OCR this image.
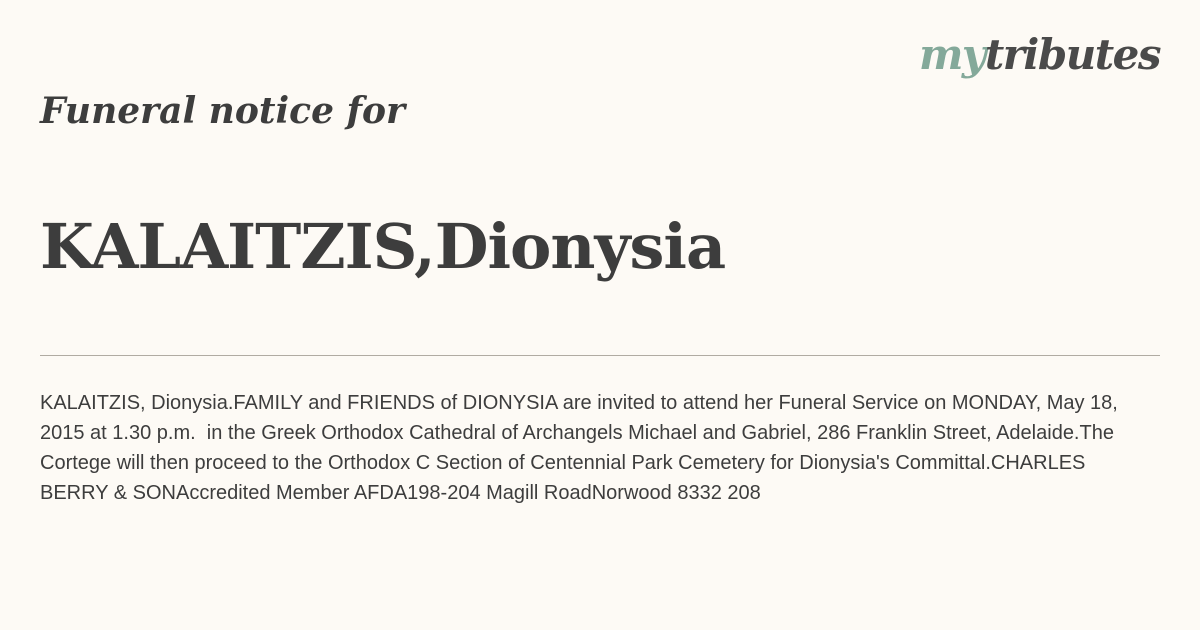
mytributes
Funeral notice for
KALAITZIS,Dionysia

KALAITZIS, Dionysia.FAMILY and FRIENDS of DIONYSIA are invited to attend her Funeral Service on MONDAY, May 18, 2015 at 1.30 p.m.  in the Greek Orthodox Cathedral of Archangels Michael and Gabriel, 286 Franklin Street, Adelaide.The Cortege will then proceed to the Orthodox C Section of Centennial Park Cemetery for Dionysia's Committal.CHARLES BERRY & SONAccredited Member AFDA198-204 Magill RoadNorwood 8332 208
